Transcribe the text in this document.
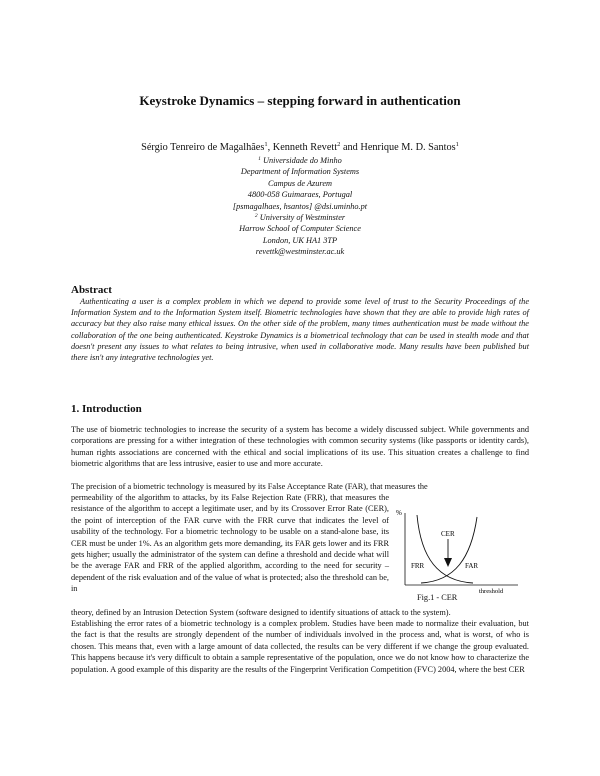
Keystroke Dynamics – stepping forward in authentication
Sérgio Tenreiro de Magalhães$^1$, Kenneth Revett$^2$ and Henrique M. D. Santos$^1$
$^1$ Universidade do Minho
Department of Information Systems
Campus de Azurem
4800-058 Guimaraes, Portugal
[psmagalhaes, hsantos] @dsi.uminho.pt
$^2$ University of Westminster
Harrow School of Computer Science
London, UK HA1 3TP
revettk@westminster.ac.uk
Abstract
Authenticating a user is a complex problem in which we depend to provide some level of trust to the Security Proceedings of the Information System and to the Information System itself. Biometric technologies have shown that they are able to provide high rates of accuracy but they also raise many ethical issues. On the other side of the problem, many times authentication must be made without the collaboration of the one being authenticated. Keystroke Dynamics is a biometrical technology that can be used in stealth mode and that doesn't present any issues to what relates to being intrusive, when used in collaborative mode. Many results have been published but there isn't any integrative technologies yet.
1. Introduction
The use of biometric technologies to increase the security of a system has become a widely discussed subject. While governments and corporations are pressing for a wither integration of these technologies with common security systems (like passports or identity cards), human rights associations are concerned with the ethical and social implications of its use. This situation creates a challenge to find biometric algorithms that are less intrusive, easier to use and more accurate.
The precision of a biometric technology is measured by its False Acceptance Rate (FAR), that measures the
permeability of the algorithm to attacks, by its False Rejection Rate (FRR), that measures the resistance of the algorithm to accept a legitimate user, and by its Crossover Error Rate (CER), the point of interception of the FAR curve with the FRR curve that indicates the level of usability of the technology. For a biometric technology to be usable on a stand-alone base, its CER must be under 1%. As an algorithm gets more demanding, its FAR gets lower and its FRR gets higher; usually the administrator of the system can define a threshold and decide what will be the average FAR and FRR of the applied algorithm, according to the need for security – dependent of the risk evaluation and of the value of what is protected; also the threshold can be, in
theory, defined by an Intrusion Detection System (software designed to identify situations of attack to the system).
Establishing the error rates of a biometric technology is a complex problem. Studies have been made to normalize their evaluation, but the fact is that the results are strongly dependent of the number of individuals involved in the process and, what is worst, of who is chosen. This means that, even with a large amount of data collected, the results can be very different if we change the group evaluated. This happens because it's very difficult to obtain a sample representative of the population, once we do not know how to characterize the population. A good example of this disparity are the results of the Fingerprint Verification Competition (FVC) 2004, where the best CER
%
CER
FRR	FAR
threshold
Fig.1 - CER
